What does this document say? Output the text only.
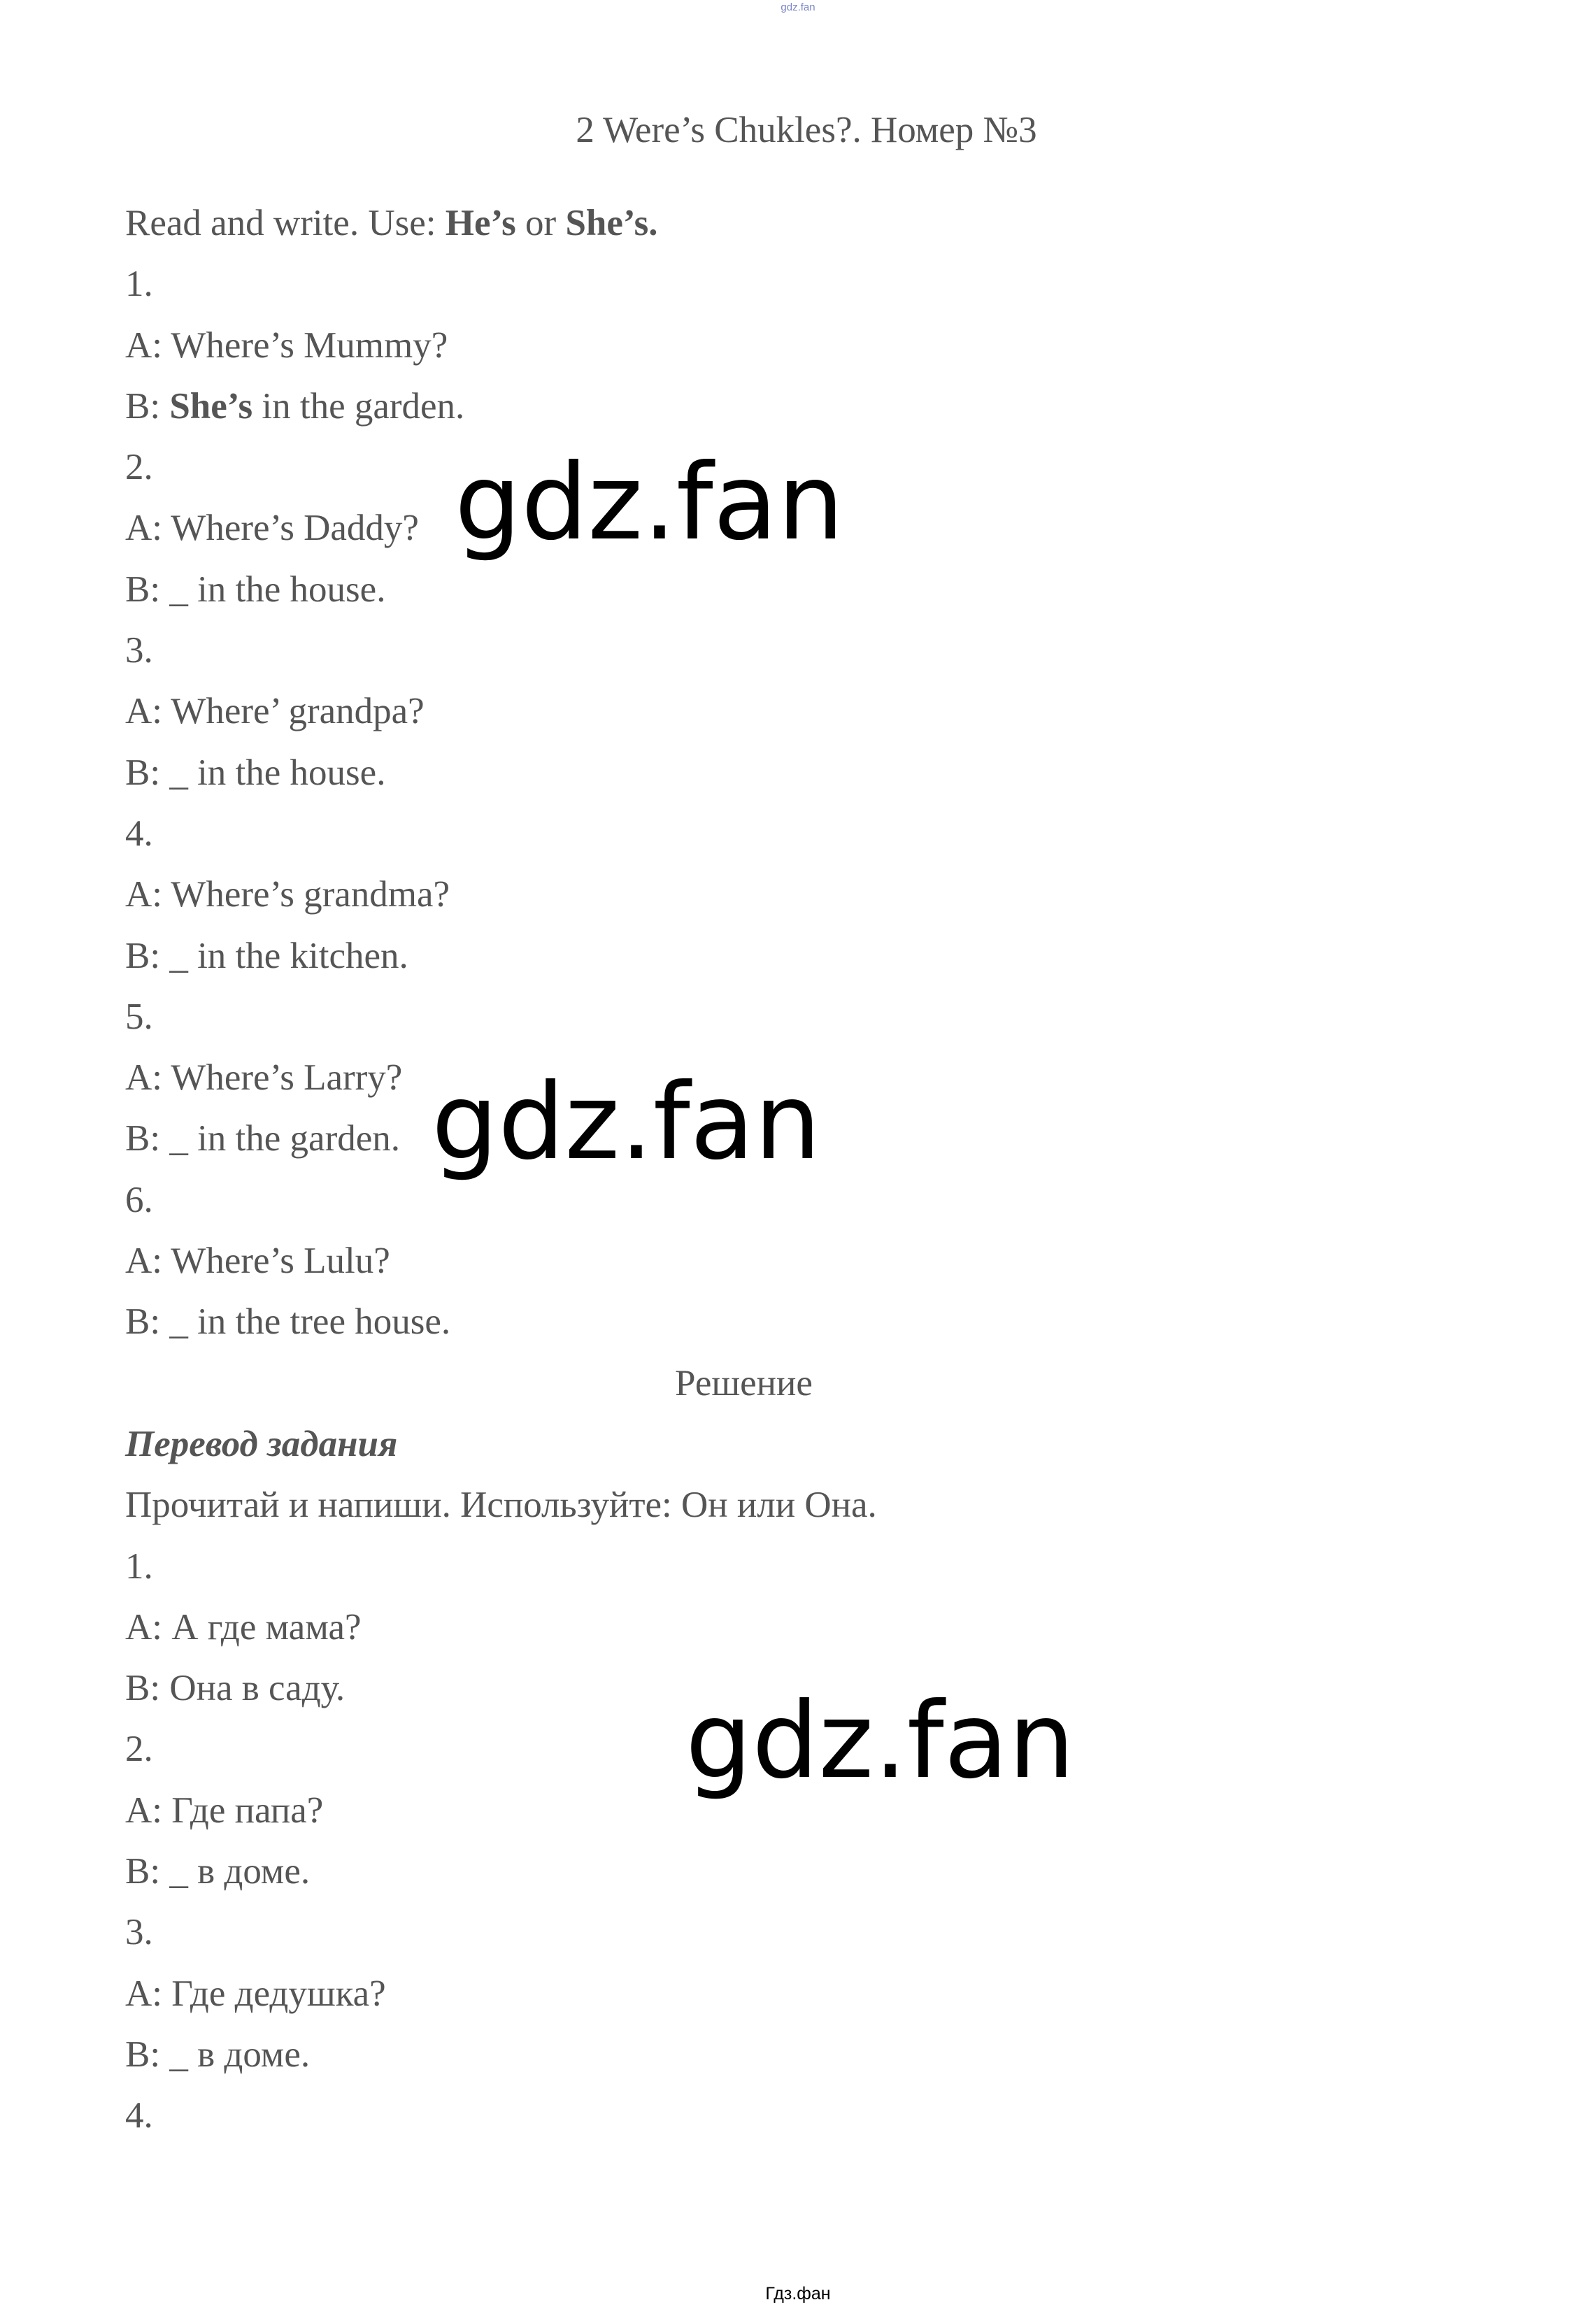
gdz.fan
2 Were’s Chukles?. Номер №3
Read and write. Use: He’s or She’s.
1.
A: Where’s Mummy?
B: She’s in the garden.
2.
A: Where’s Daddy?
B: _ in the house.
3.
A: Where’ grandpa?
B: _ in the house.
4.
A: Where’s grandma?
B: _ in the kitchen.
5.
A: Where’s Larry?
B: _ in the garden.
6.
A: Where’s Lulu?
B: _ in the tree house.
Решение
Перевод задания
Прочитай и напиши. Используйте: Он или Она.
1.
A: А где мама?
B: Она в саду.
2.
A: Где папа?
B: _ в доме.
3.
A: Где дедушка?
B: _ в доме.
4.
gdz.fan
gdz.fan
gdz.fan
Гдз.фан
